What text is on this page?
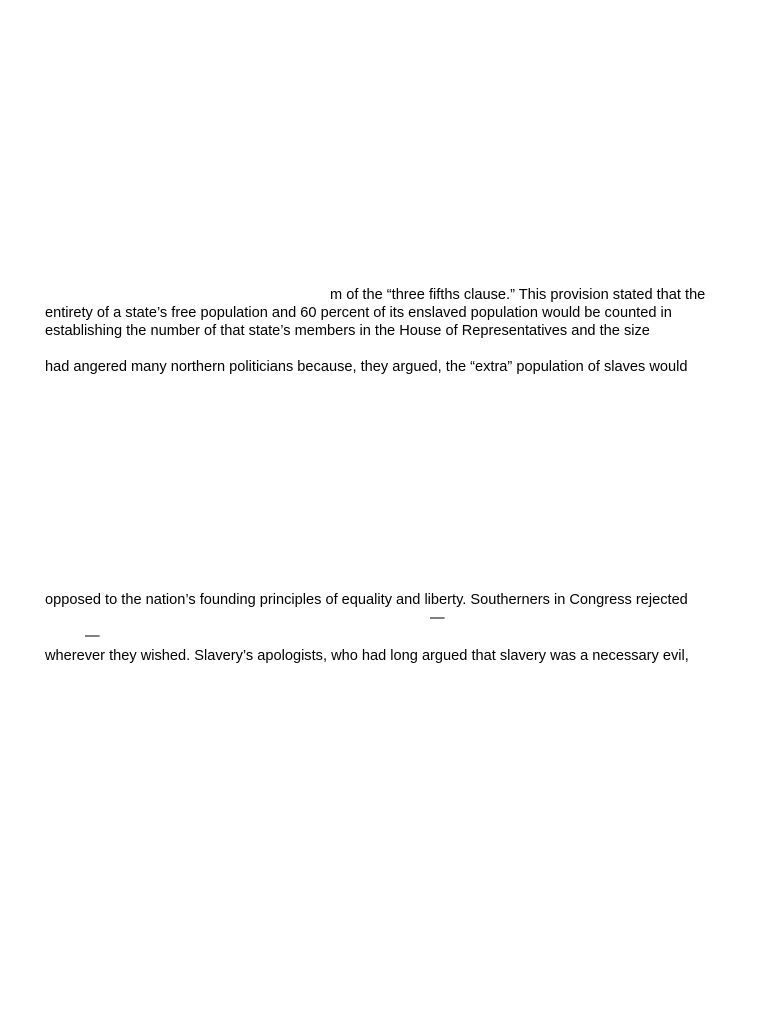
m of the “three fifths clause.” This provision stated that the

entirety of a state’s free population and 60 percent of its enslaved population would be counted in

establishing the number of that state’s members in the House of Representatives and the size

had angered many northern politicians because, they argued, the “extra” population of slaves would

opposed to the nation’s founding principles of equality and liberty. Southerners in Congress rejected

—
—

wherever they wished. Slavery’s apologists, who had long argued that slavery was a necessary evil,
